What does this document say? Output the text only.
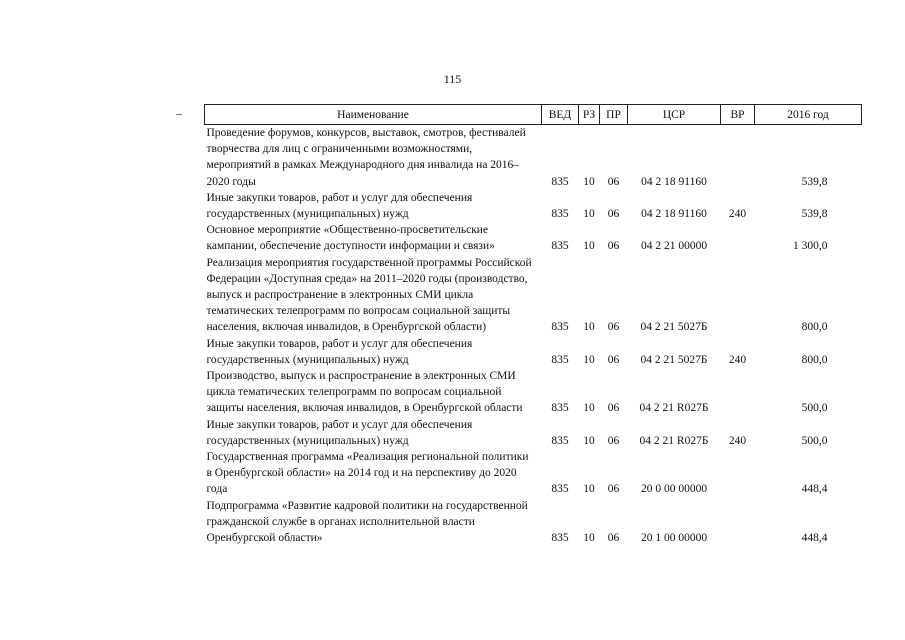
115
Наименование	ВЕД	РЗ	ПР	ЦСР	ВР	2016 год
Проведение форумов, конкурсов, выставок, смотров, фестивалей творчества для лиц с ограниченными возможностями, мероприятий в рамках Международного дня инвалида на 2016–2020 годы	835	10	06	04 2 18 91160		539,8
Иные закупки товаров, работ и услуг для обеспечения государственных (муниципальных) нужд	835	10	06	04 2 18 91160	240	539,8
Основное мероприятие «Общественно-просветительские кампании, обеспечение доступности информации и связи»	835	10	06	04 2 21 00000		1 300,0
Реализация мероприятия государственной программы Российской Федерации «Доступная среда» на 2011–2020 годы (производство, выпуск и распространение в электронных СМИ цикла тематических телепрограмм по вопросам социальной защиты населения, включая инвалидов, в Оренбургской области)	835	10	06	04 2 21 5027Б		800,0
Иные закупки товаров, работ и услуг для обеспечения государственных (муниципальных) нужд	835	10	06	04 2 21 5027Б	240	800,0
Производство, выпуск и распространение в электронных СМИ цикла тематических телепрограмм по вопросам социальной защиты населения, включая инвалидов, в Оренбургской области	835	10	06	04 2 21 R027Б		500,0
Иные закупки товаров, работ и услуг для обеспечения государственных (муниципальных) нужд	835	10	06	04 2 21 R027Б	240	500,0
Государственная программа «Реализация региональной политики в Оренбургской области» на 2014 год и на перспективу до 2020 года	835	10	06	20 0 00 00000		448,4
Подпрограмма «Развитие кадровой политики на государственной гражданской службе в органах исполнительной власти Оренбургской области»	835	10	06	20 1 00 00000		448,4
